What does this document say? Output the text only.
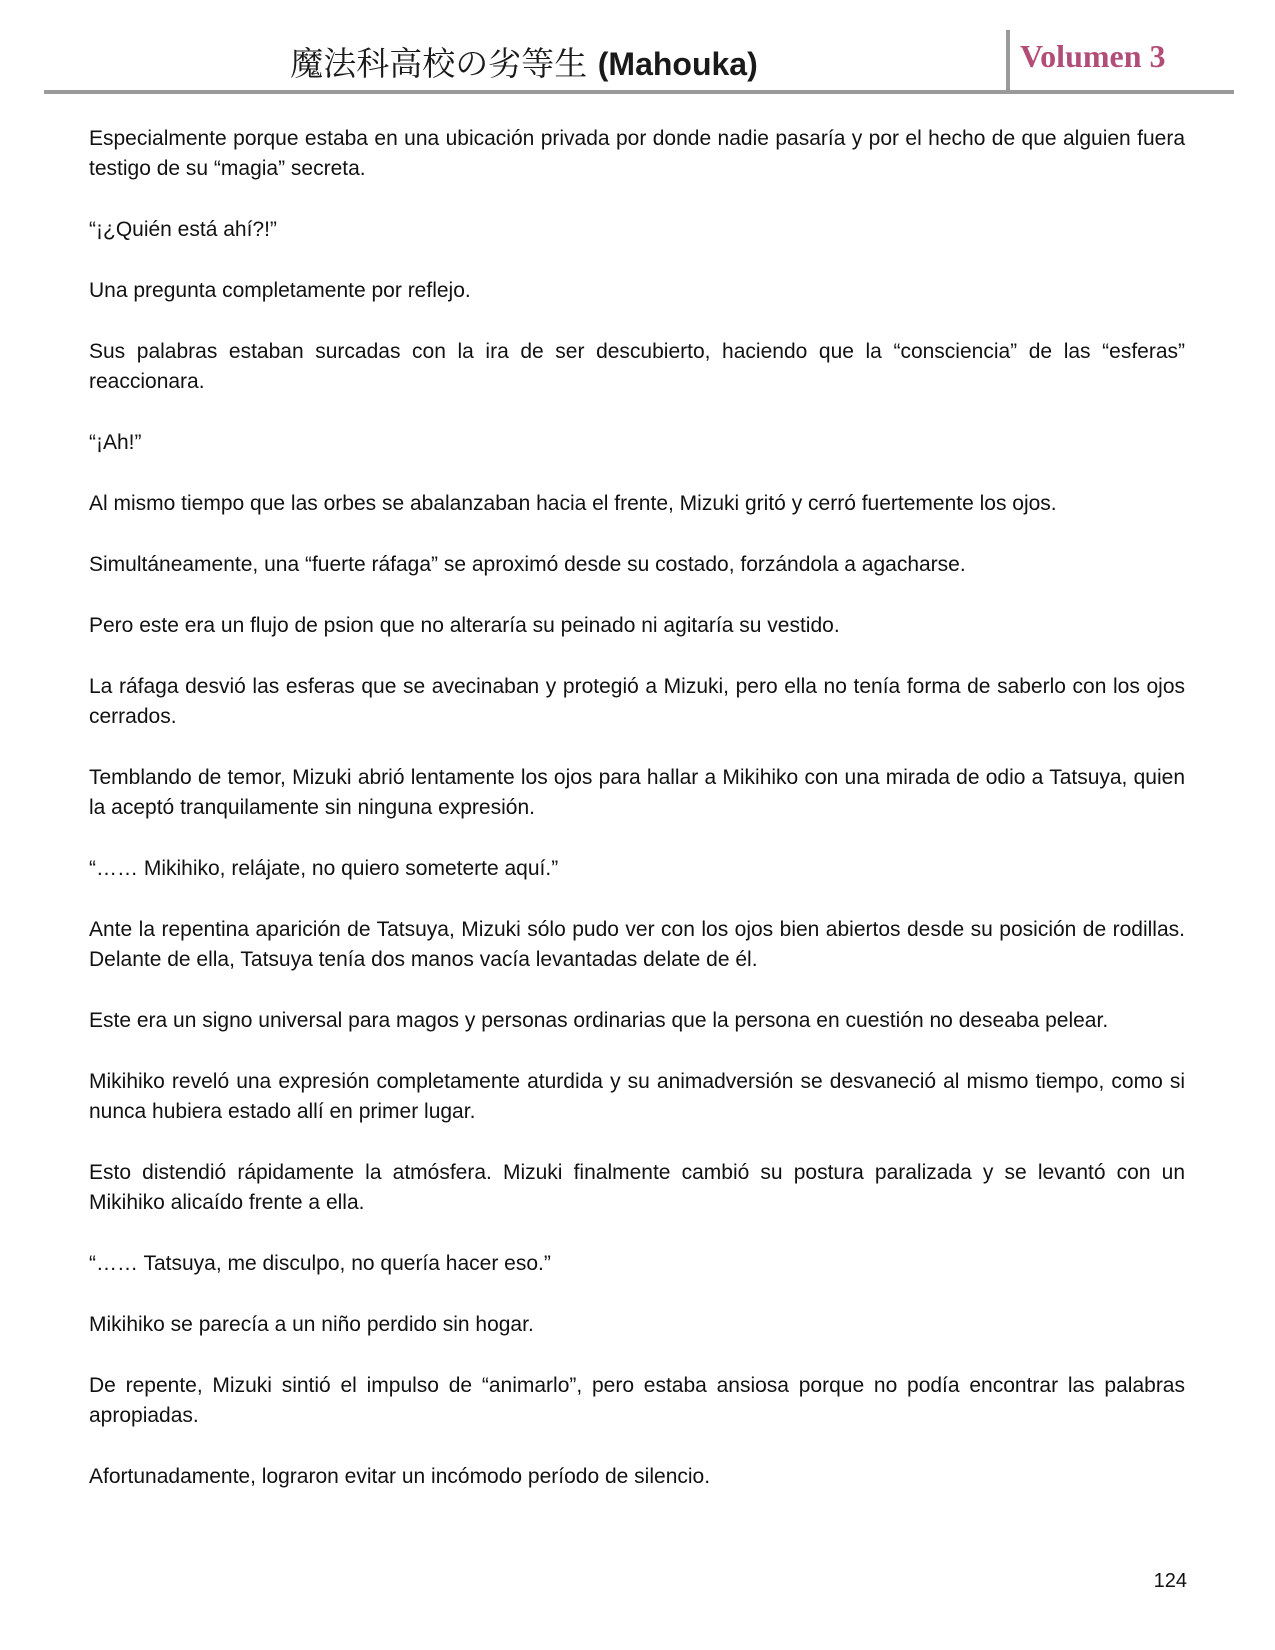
魔法科高校の劣等生 (Mahouka)	Volumen 3

Especialmente porque estaba en una ubicación privada por donde nadie pasaría y por el hecho de que alguien fuera testigo de su “magia” secreta.

“¡¿Quién está ahí?!”

Una pregunta completamente por reflejo.

Sus palabras estaban surcadas con la ira de ser descubierto, haciendo que la “consciencia” de las “esferas” reaccionara.

“¡Ah!”

Al mismo tiempo que las orbes se abalanzaban hacia el frente, Mizuki gritó y cerró fuertemente los ojos.

Simultáneamente, una “fuerte ráfaga” se aproximó desde su costado, forzándola a agacharse.

Pero este era un flujo de psion que no alteraría su peinado ni agitaría su vestido.

La ráfaga desvió las esferas que se avecinaban y protegió a Mizuki, pero ella no tenía forma de saberlo con los ojos cerrados.

Temblando de temor, Mizuki abrió lentamente los ojos para hallar a Mikihiko con una mirada de odio a Tatsuya, quien la aceptó tranquilamente sin ninguna expresión.

“…… Mikihiko, relájate, no quiero someterte aquí.”

Ante la repentina aparición de Tatsuya, Mizuki sólo pudo ver con los ojos bien abiertos desde su posición de rodillas. Delante de ella, Tatsuya tenía dos manos vacía levantadas delate de él.

Este era un signo universal para magos y personas ordinarias que la persona en cuestión no deseaba pelear.

Mikihiko reveló una expresión completamente aturdida y su animadversión se desvaneció al mismo tiempo, como si nunca hubiera estado allí en primer lugar.

Esto distendió rápidamente la atmósfera. Mizuki finalmente cambió su postura paralizada y se levantó con un Mikihiko alicaído frente a ella.

“…… Tatsuya, me disculpo, no quería hacer eso.”

Mikihiko se parecía a un niño perdido sin hogar.

De repente, Mizuki sintió el impulso de “animarlo”, pero estaba ansiosa porque no podía encontrar las palabras apropiadas.

Afortunadamente, lograron evitar un incómodo período de silencio.

124
